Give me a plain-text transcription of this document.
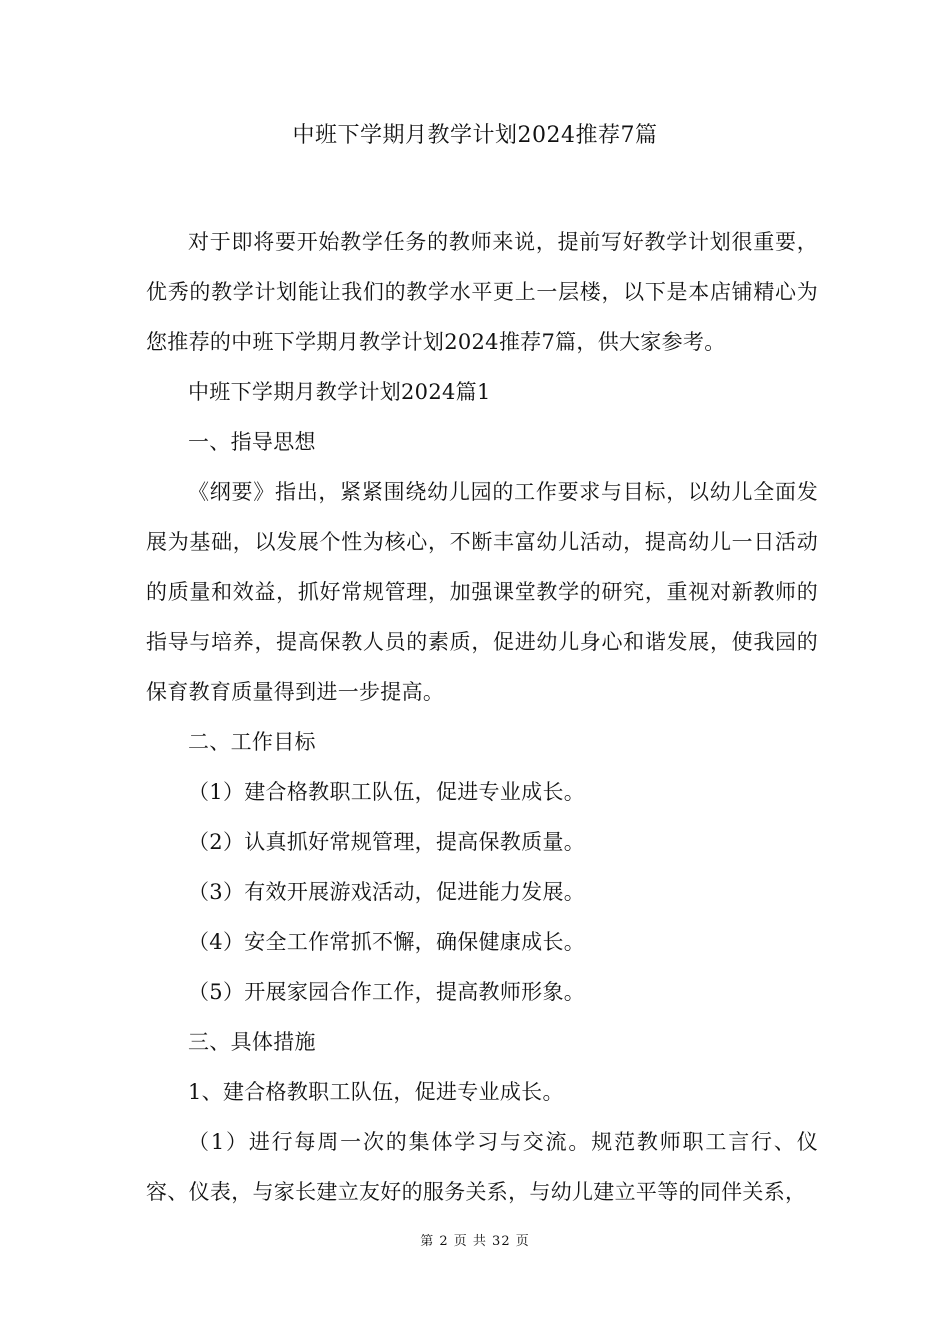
中班下学期月教学计划2024推荐7篇

对于即将要开始教学任务的教师来说，提前写好教学计划很重要，优秀的教学计划能让我们的教学水平更上一层楼，以下是本店铺精心为您推荐的中班下学期月教学计划2024推荐7篇，供大家参考。

中班下学期月教学计划2024篇1

一、指导思想

《纲要》指出，紧紧围绕幼儿园的工作要求与目标，以幼儿全面发展为基础，以发展个性为核心，不断丰富幼儿活动，提高幼儿一日活动的质量和效益，抓好常规管理，加强课堂教学的研究，重视对新教师的指导与培养，提高保教人员的素质，促进幼儿身心和谐发展，使我园的保育教育质量得到进一步提高。

二、工作目标

（1）建合格教职工队伍，促进专业成长。

（2）认真抓好常规管理，提高保教质量。

（3）有效开展游戏活动，促进能力发展。

（4）安全工作常抓不懈，确保健康成长。

（5）开展家园合作工作，提高教师形象。

三、具体措施

1、建合格教职工队伍，促进专业成长。

（1）进行每周一次的集体学习与交流。规范教师职工言行、仪容、仪表，与家长建立友好的服务关系，与幼儿建立平等的同伴关系，

第 2 页 共 32 页
